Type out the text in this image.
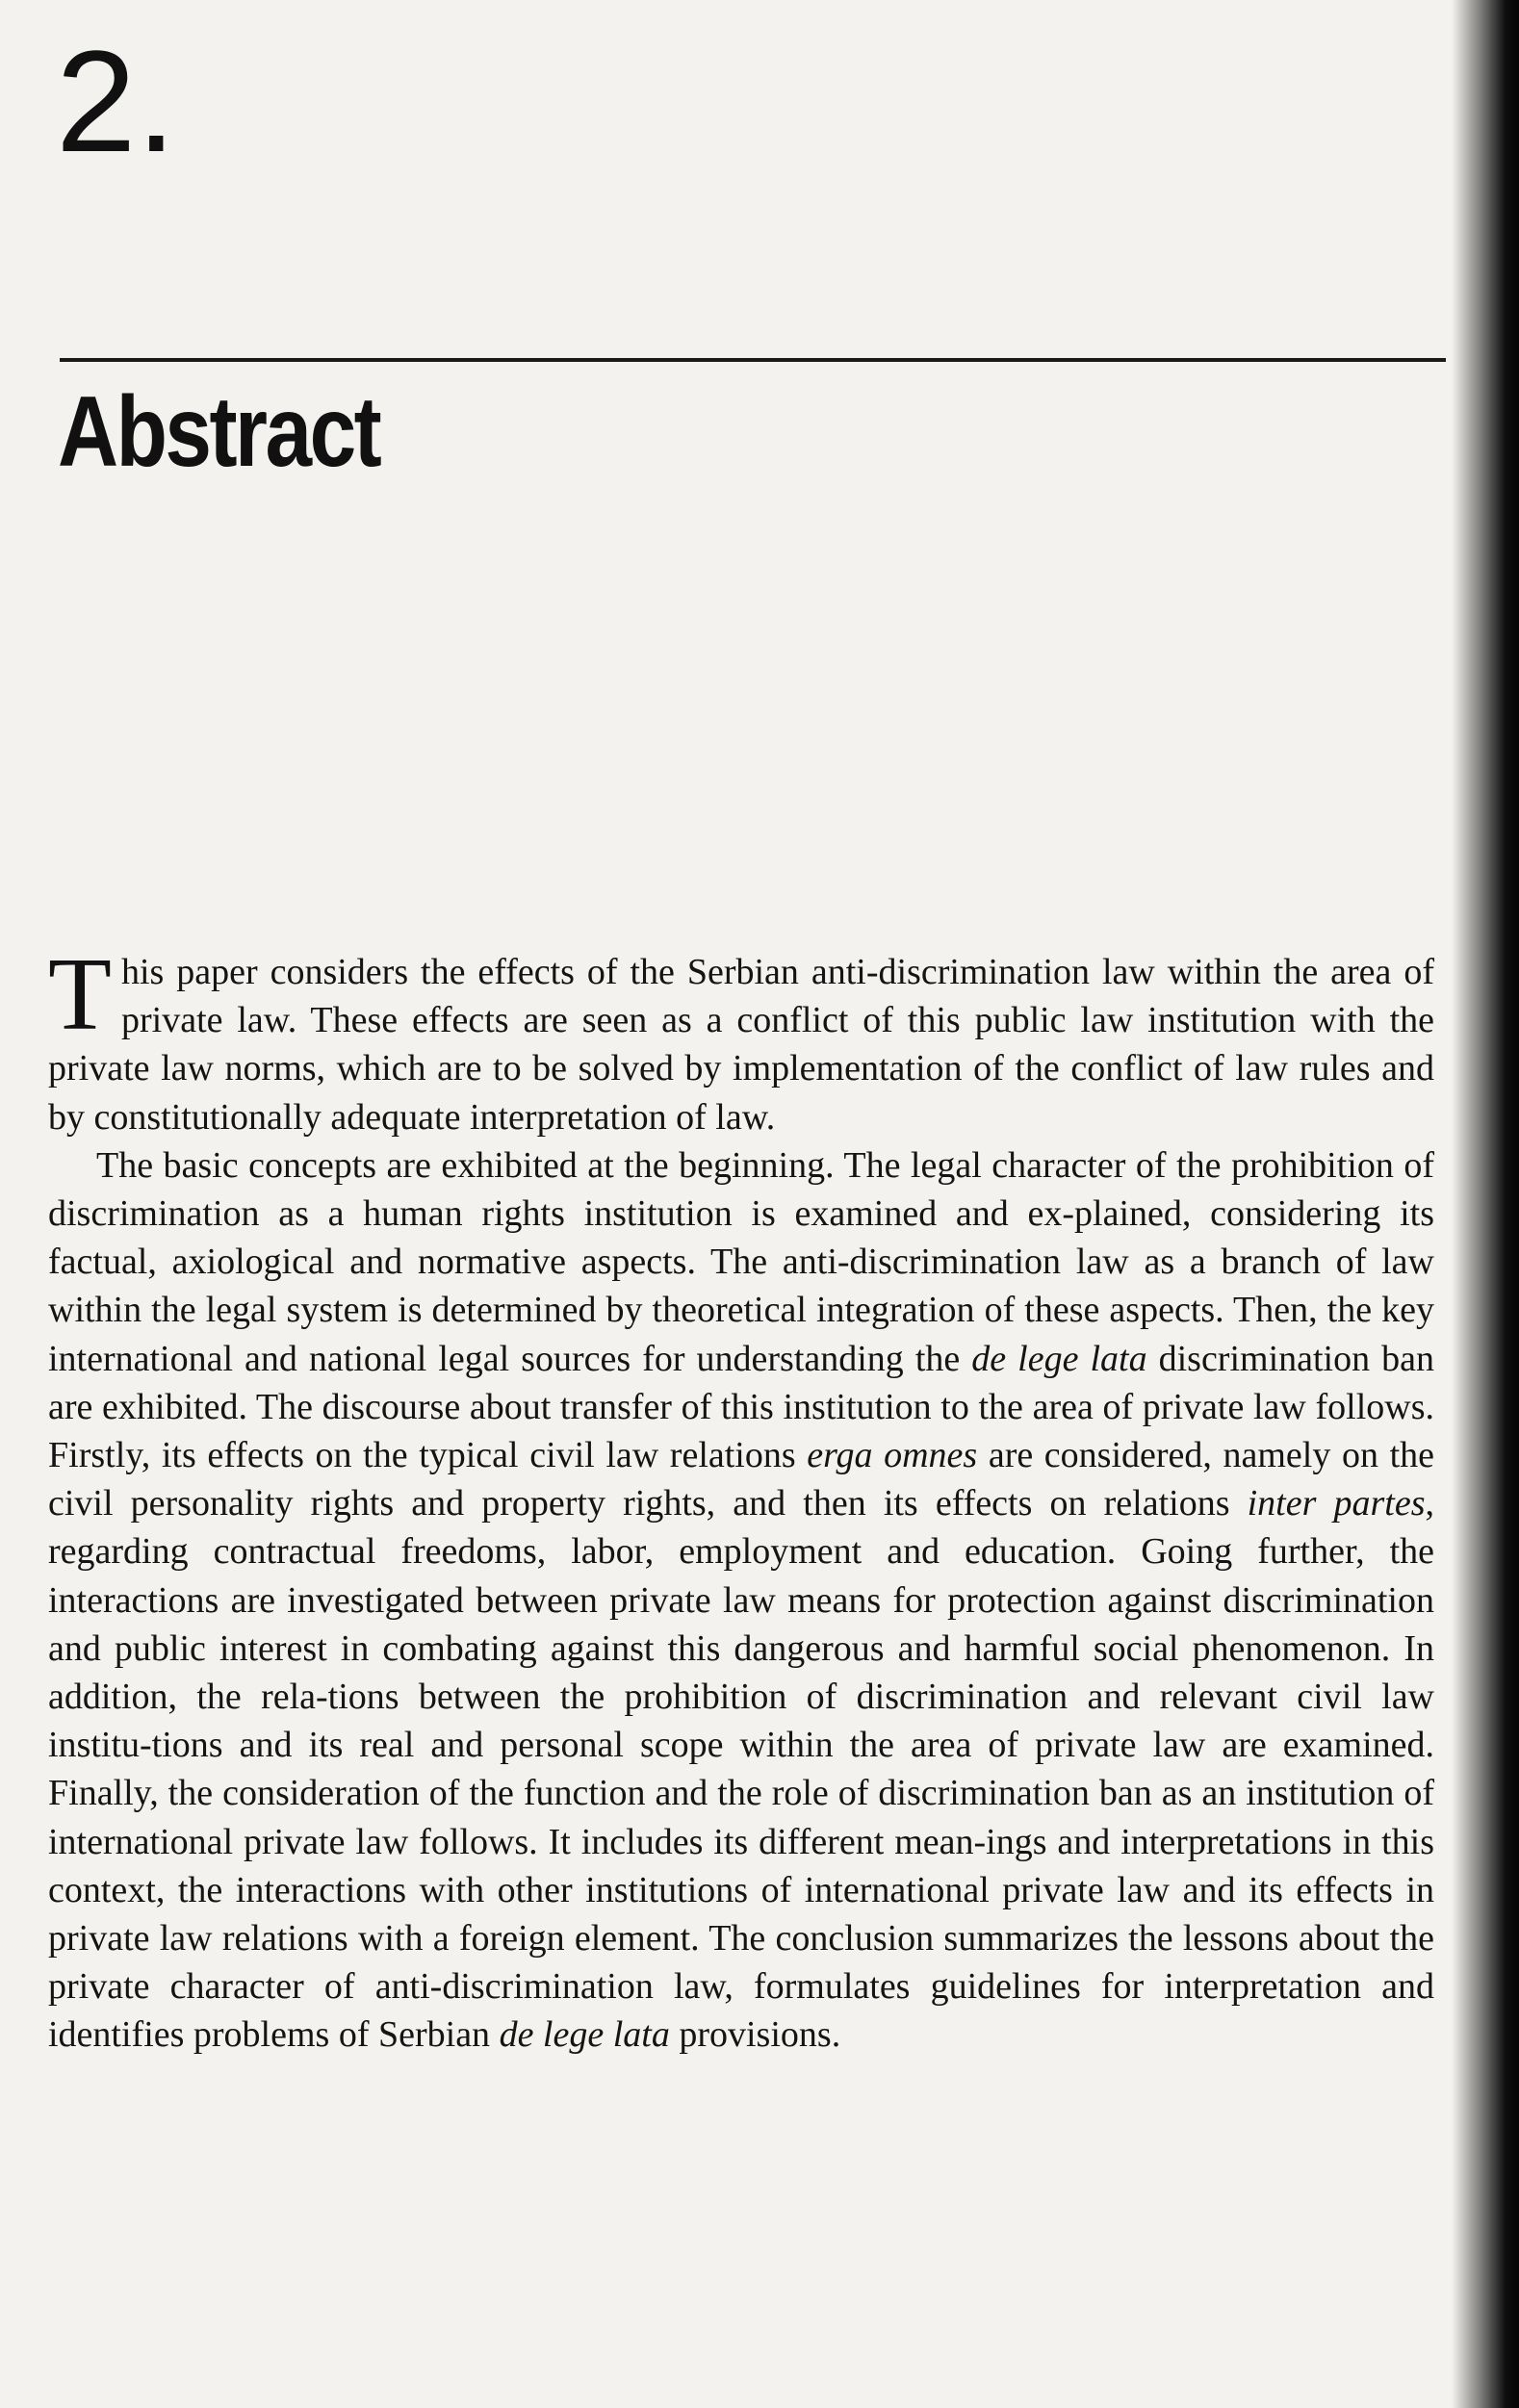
2.
Abstract

This paper considers the effects of the Serbian anti-discrimination law within the area of private law. These effects are seen as a conflict of this public law institution with the private law norms, which are to be solved by implementation of the conflict of law rules and by constitutionally adequate interpretation of law.

The basic concepts are exhibited at the beginning. The legal character of the prohibition of discrimination as a human rights institution is examined and ex-plained, considering its factual, axiological and normative aspects. The anti-discrimination law as a branch of law within the legal system is determined by theoretical integration of these aspects. Then, the key international and national legal sources for understanding the de lege lata discrimination ban are exhibited. The discourse about transfer of this institution to the area of private law follows. Firstly, its effects on the typical civil law relations erga omnes are considered, namely on the civil personality rights and property rights, and then its effects on relations inter partes, regarding contractual freedoms, labor, employment and education. Going further, the interactions are investigated between private law means for protection against discrimination and public interest in combating against this dangerous and harmful social phenomenon. In addition, the rela-tions between the prohibition of discrimination and relevant civil law institu-tions and its real and personal scope within the area of private law are examined. Finally, the consideration of the function and the role of discrimination ban as an institution of international private law follows. It includes its different mean-ings and interpretations in this context, the interactions with other institutions of international private law and its effects in private law relations with a foreign element. The conclusion summarizes the lessons about the private character of anti-discrimination law, formulates guidelines for interpretation and identifies problems of Serbian de lege lata provisions.
